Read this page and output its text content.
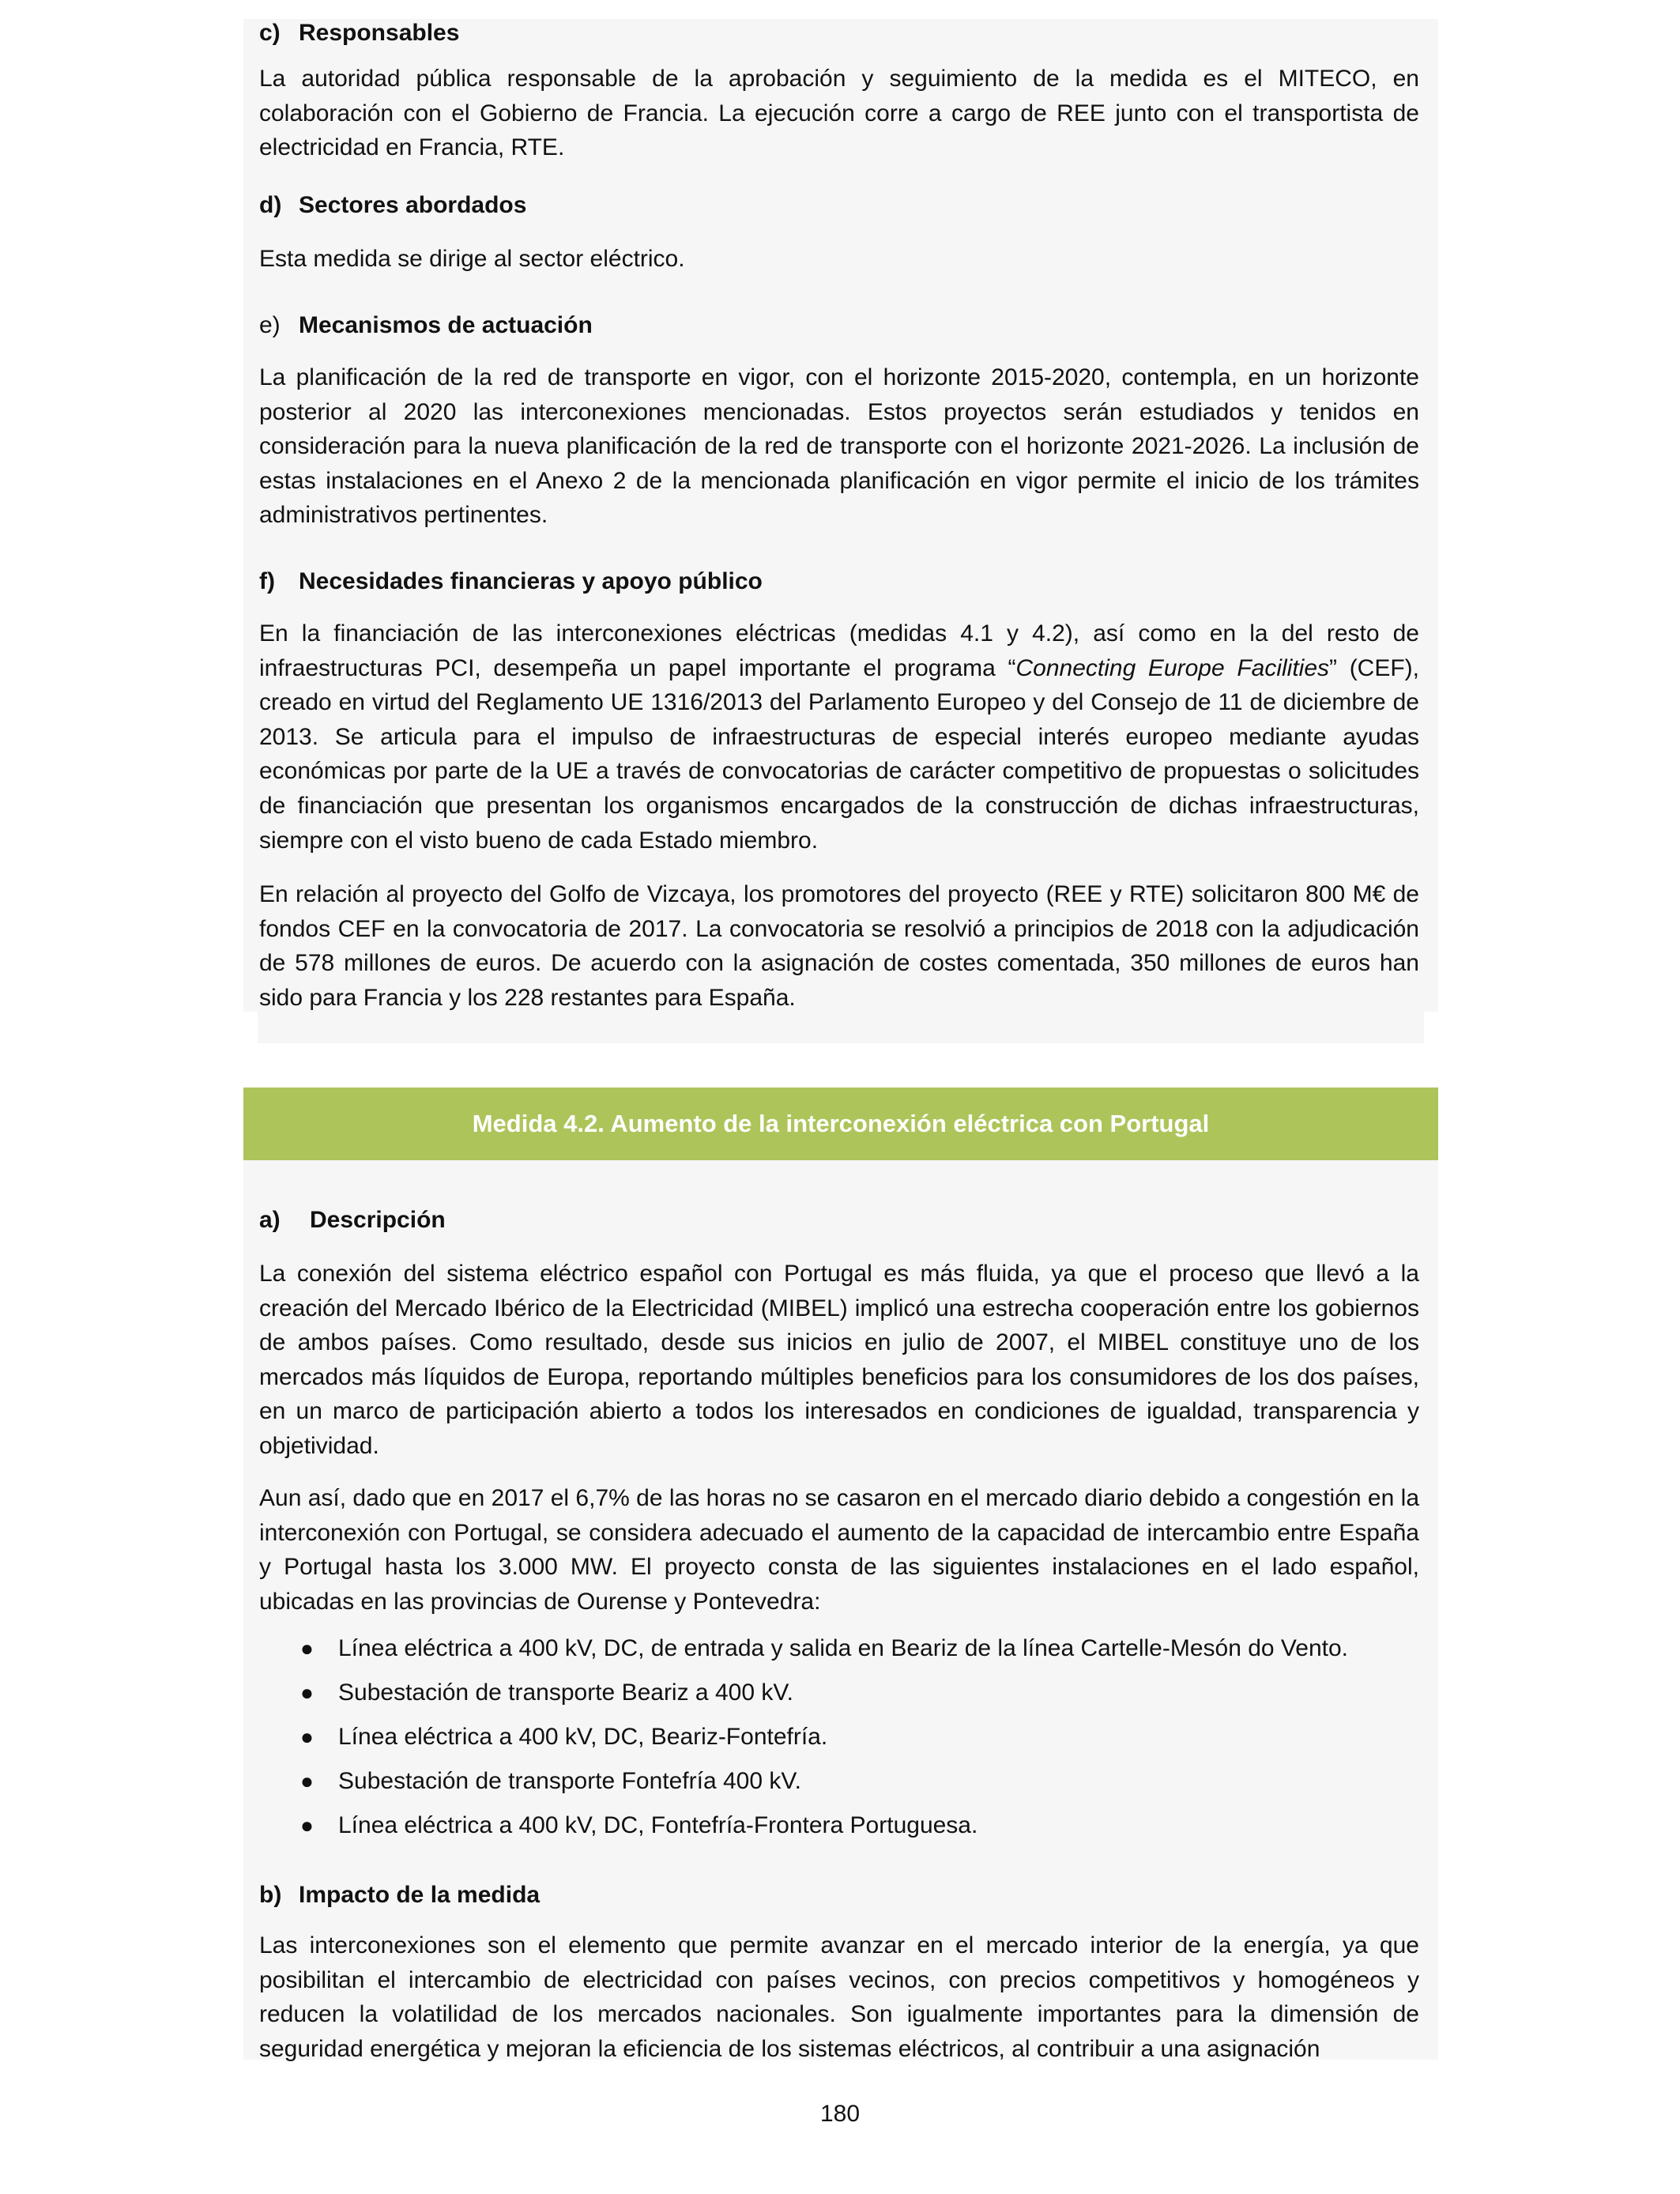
Medida 4.2. Aumento de la interconexión eléctrica con Portugal
c) Responsables
La autoridad pública responsable de la aprobación y seguimiento de la medida es el MITECO, en colaboración con el Gobierno de Francia. La ejecución corre a cargo de REE junto con el transportista de electricidad en Francia, RTE.
d) Sectores abordados
Esta medida se dirige al sector eléctrico.
e) Mecanismos de actuación
La planificación de la red de transporte en vigor, con el horizonte 2015-2020, contempla, en un horizonte posterior al 2020 las interconexiones mencionadas. Estos proyectos serán estudiados y tenidos en consideración para la nueva planificación de la red de transporte con el horizonte 2021-2026. La inclusión de estas instalaciones en el Anexo 2 de la mencionada planificación en vigor permite el inicio de los trámites administrativos pertinentes.
f) Necesidades financieras y apoyo público
En la financiación de las interconexiones eléctricas (medidas 4.1 y 4.2), así como en la del resto de infraestructuras PCI, desempeña un papel importante el programa “Connecting Europe Facilities” (CEF), creado en virtud del Reglamento UE 1316/2013 del Parlamento Europeo y del Consejo de 11 de diciembre de 2013. Se articula para el impulso de infraestructuras de especial interés europeo mediante ayudas económicas por parte de la UE a través de convocatorias de carácter competitivo de propuestas o solicitudes de financiación que presentan los organismos encargados de la construcción de dichas infraestructuras, siempre con el visto bueno de cada Estado miembro.
En relación al proyecto del Golfo de Vizcaya, los promotores del proyecto (REE y RTE) solicitaron 800 M€ de fondos CEF en la convocatoria de 2017. La convocatoria se resolvió a principios de 2018 con la adjudicación de 578 millones de euros. De acuerdo con la asignación de costes comentada, 350 millones de euros han sido para Francia y los 228 restantes para España.
a) Descripción
La conexión del sistema eléctrico español con Portugal es más fluida, ya que el proceso que llevó a la creación del Mercado Ibérico de la Electricidad (MIBEL) implicó una estrecha cooperación entre los gobiernos de ambos países. Como resultado, desde sus inicios en julio de 2007, el MIBEL constituye uno de los mercados más líquidos de Europa, reportando múltiples beneficios para los consumidores de los dos países, en un marco de participación abierto a todos los interesados en condiciones de igualdad, transparencia y objetividad.
Aun así, dado que en 2017 el 6,7% de las horas no se casaron en el mercado diario debido a congestión en la interconexión con Portugal, se considera adecuado el aumento de la capacidad de intercambio entre España y Portugal hasta los 3.000 MW. El proyecto consta de las siguientes instalaciones en el lado español, ubicadas en las provincias de Ourense y Pontevedra:
● Línea eléctrica a 400 kV, DC, de entrada y salida en Beariz de la línea Cartelle-Mesón do Vento.
● Subestación de transporte Beariz a 400 kV.
● Línea eléctrica a 400 kV, DC, Beariz-Fontefría.
● Subestación de transporte Fontefría 400 kV.
● Línea eléctrica a 400 kV, DC, Fontefría-Frontera Portuguesa.
b) Impacto de la medida
Las interconexiones son el elemento que permite avanzar en el mercado interior de la energía, ya que posibilitan el intercambio de electricidad con países vecinos, con precios competitivos y homogéneos y reducen la volatilidad de los mercados nacionales. Son igualmente importantes para la dimensión de seguridad energética y mejoran la eficiencia de los sistemas eléctricos, al contribuir a una asignación
180
